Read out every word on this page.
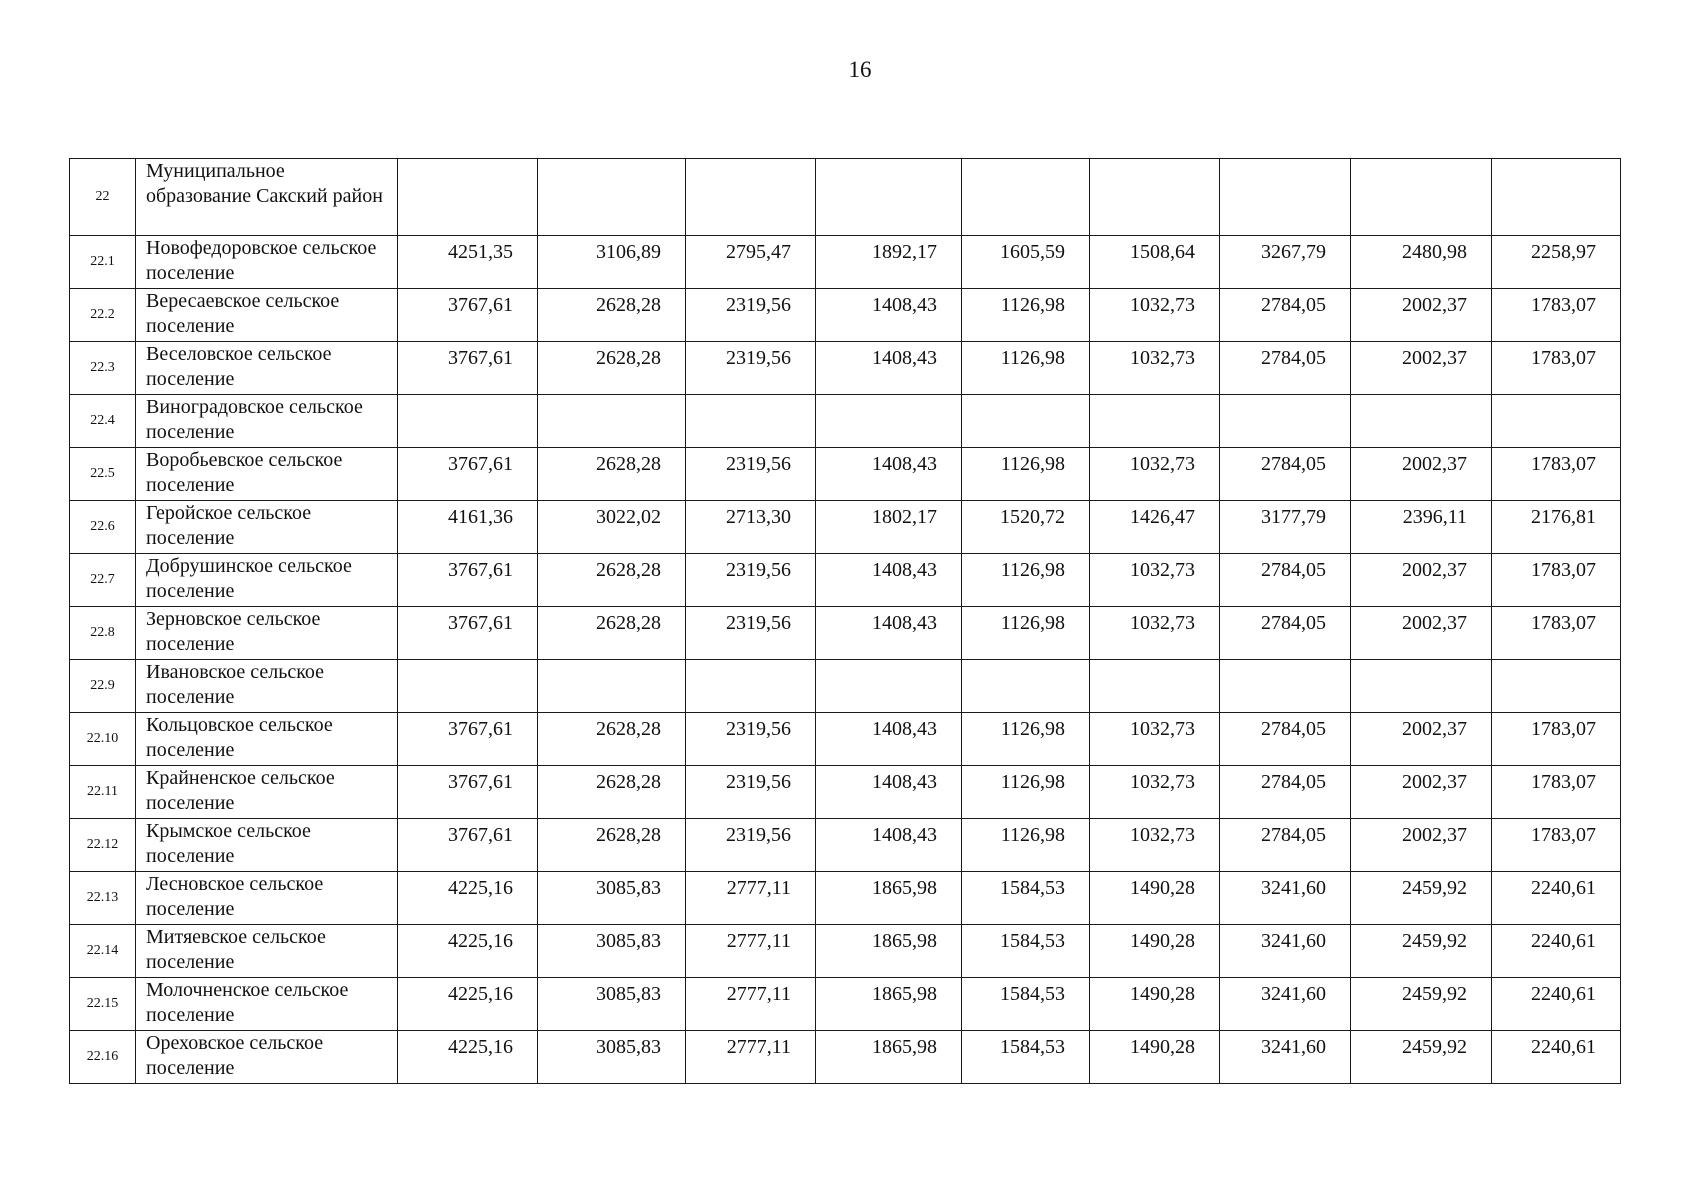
16
22	Муниципальное образование Сакский район									
22.1	Новофедоровское сельское поселение	4251,35	3106,89	2795,47	1892,17	1605,59	1508,64	3267,79	2480,98	2258,97
22.2	Вересаевское сельское поселение	3767,61	2628,28	2319,56	1408,43	1126,98	1032,73	2784,05	2002,37	1783,07
22.3	Веселовское сельское поселение	3767,61	2628,28	2319,56	1408,43	1126,98	1032,73	2784,05	2002,37	1783,07
22.4	Виноградовское сельское поселение									
22.5	Воробьевское сельское поселение	3767,61	2628,28	2319,56	1408,43	1126,98	1032,73	2784,05	2002,37	1783,07
22.6	Геройское сельское поселение	4161,36	3022,02	2713,30	1802,17	1520,72	1426,47	3177,79	2396,11	2176,81
22.7	Добрушинское сельское поселение	3767,61	2628,28	2319,56	1408,43	1126,98	1032,73	2784,05	2002,37	1783,07
22.8	Зерновское сельское поселение	3767,61	2628,28	2319,56	1408,43	1126,98	1032,73	2784,05	2002,37	1783,07
22.9	Ивановское сельское поселение									
22.10	Кольцовское сельское поселение	3767,61	2628,28	2319,56	1408,43	1126,98	1032,73	2784,05	2002,37	1783,07
22.11	Крайненское сельское поселение	3767,61	2628,28	2319,56	1408,43	1126,98	1032,73	2784,05	2002,37	1783,07
22.12	Крымское сельское поселение	3767,61	2628,28	2319,56	1408,43	1126,98	1032,73	2784,05	2002,37	1783,07
22.13	Лесновское сельское поселение	4225,16	3085,83	2777,11	1865,98	1584,53	1490,28	3241,60	2459,92	2240,61
22.14	Митяевское сельское поселение	4225,16	3085,83	2777,11	1865,98	1584,53	1490,28	3241,60	2459,92	2240,61
22.15	Молочненское сельское поселение	4225,16	3085,83	2777,11	1865,98	1584,53	1490,28	3241,60	2459,92	2240,61
22.16	Ореховское сельское поселение	4225,16	3085,83	2777,11	1865,98	1584,53	1490,28	3241,60	2459,92	2240,61
